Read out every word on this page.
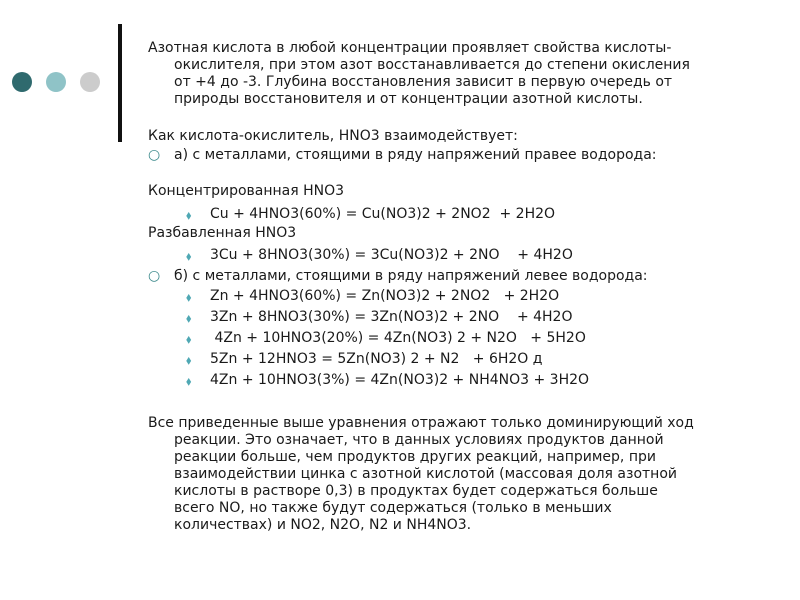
Азотная кислота в любой концентрации проявляет свойства кислоты-
окислителя, при этом азот восстанавливается до степени окисления
от +4 до -3. Глубина восстановления зависит в первую очередь от
природы восстановителя и от концентрации азотной кислоты.

Как кислота-окислитель, HNO3 взаимодействует:

○ а) с металлами, стоящими в ряду напряжений правее водорода:

Концентрированная HNO3

⬧	Cu + 4HNO3(60%) = Cu(NO3)2 + 2NO2  + 2H2O

Разбавленная HNO3

⬧	3Cu + 8HNO3(30%) = 3Cu(NO3)2 + 2NO    + 4H2O
○ б) с металлами, стоящими в ряду напряжений левее водорода:
⬧	Zn + 4HNO3(60%) = Zn(NO3)2 + 2NO2   + 2H2O
⬧	3Zn + 8HNO3(30%) = 3Zn(NO3)2 + 2NO    + 4H2O
⬧	4Zn + 10HNO3(20%) = 4Zn(NO3) 2 + N2O   + 5H2O
⬧	5Zn + 12HNO3 = 5Zn(NO3) 2 + N2   + 6H2O д
⬧	4Zn + 10HNO3(3%) = 4Zn(NO3)2 + NH4NO3 + 3H2O

Все приведенные выше уравнения отражают только доминирующий ход
реакции. Это означает, что в данных условиях продуктов данной
реакции больше, чем продуктов других реакций, например, при
взаимодействии цинка с азотной кислотой (массовая доля азотной
кислоты в растворе 0,3) в продуктах будет содержаться больше
всего NO, но также будут содержаться (только в меньших
количествах) и NO2, N2O, N2 и NH4NO3.
